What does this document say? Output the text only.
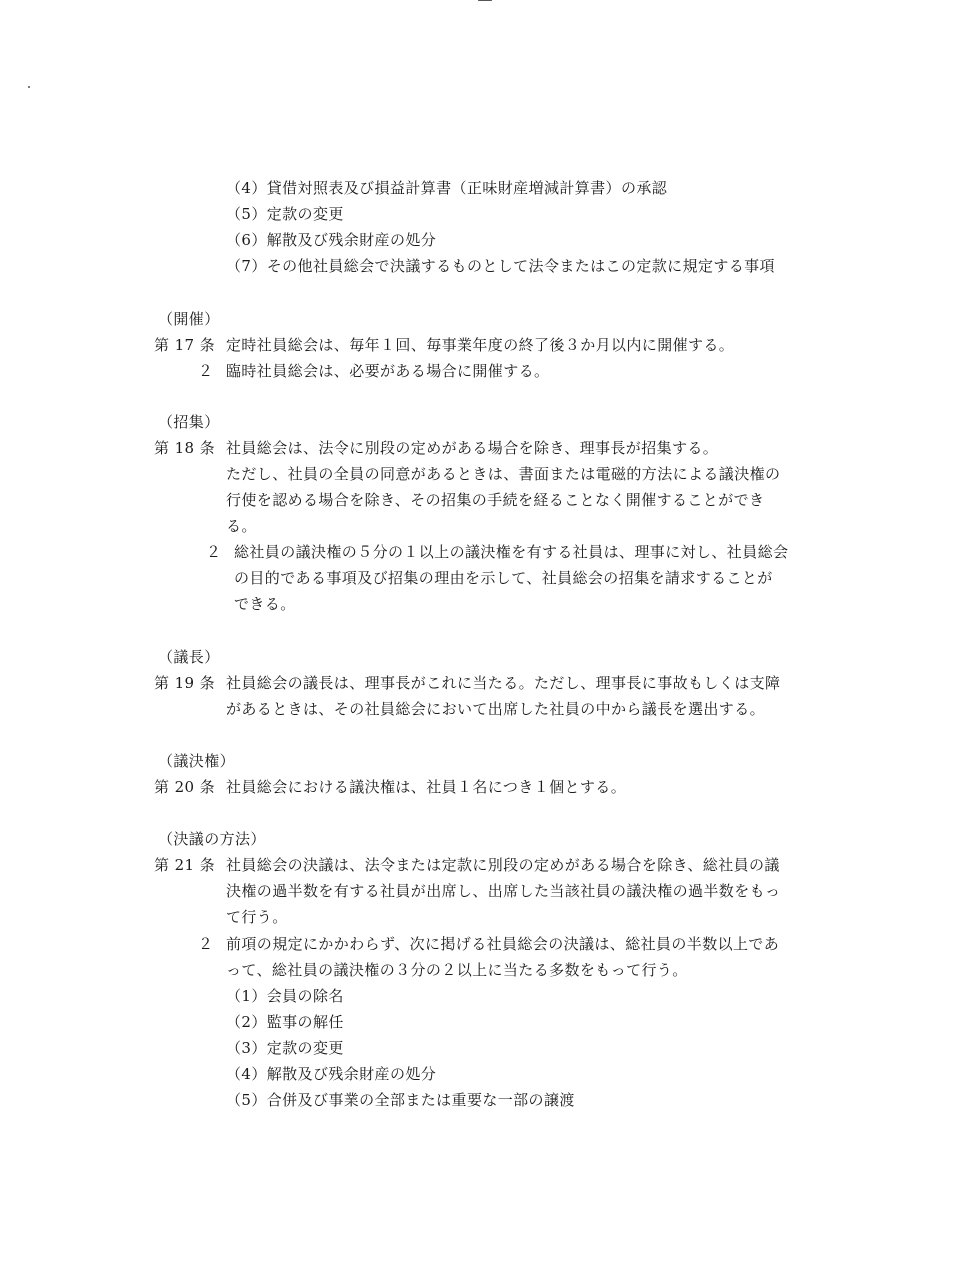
（4）貸借対照表及び損益計算書（正味財産増減計算書）の承認
（5）定款の変更
（6）解散及び残余財産の処分
（7）その他社員総会で決議するものとして法令またはこの定款に規定する事項
（開催）
第 17 条 定時社員総会は、毎年１回、毎事業年度の終了後３か月以内に開催する。
２ 臨時社員総会は、必要がある場合に開催する。
（招集）
第 18 条 社員総会は、法令に別段の定めがある場合を除き、理事長が招集する。
ただし、社員の全員の同意があるときは、書面または電磁的方法による議決権の
行使を認める場合を除き、その招集の手続を経ることなく開催することができ
る。
２ 総社員の議決権の５分の１以上の議決権を有する社員は、理事に対し、社員総会
の目的である事項及び招集の理由を示して、社員総会の招集を請求することが
できる。
（議長）
第 19 条 社員総会の議長は、理事長がこれに当たる。ただし、理事長に事故もしくは支障
があるときは、その社員総会において出席した社員の中から議長を選出する。
（議決権）
第 20 条 社員総会における議決権は、社員１名につき１個とする。
（決議の方法）
第 21 条 社員総会の決議は、法令または定款に別段の定めがある場合を除き、総社員の議
決権の過半数を有する社員が出席し、出席した当該社員の議決権の過半数をもっ
て行う。
２ 前項の規定にかかわらず、次に掲げる社員総会の決議は、総社員の半数以上であ
って、総社員の議決権の３分の２以上に当たる多数をもって行う。
（1）会員の除名
（2）監事の解任
（3）定款の変更
（4）解散及び残余財産の処分
（5）合併及び事業の全部または重要な一部の譲渡
